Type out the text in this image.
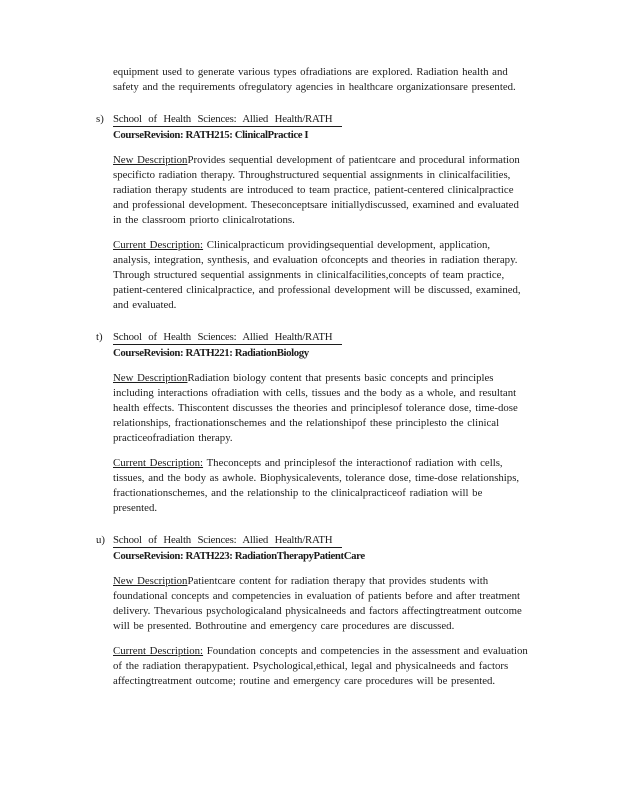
equipment used to generate various types ofradiations are explored. Radiation health and safety and the requirements ofregulatory agencies in healthcare organizationsare presented.

s) School of Health Sciences: Allied Health/RATH
CourseRevision: RATH215: ClinicalPractice I

New DescriptionProvides sequential development of patientcare and procedural information specificto radiation therapy. Throughstructured sequential assignments in clinicalfacilities, radiation therapy students are introduced to team practice, patient-centered clinicalpractice and professional development. Theseconceptsare initiallydiscussed, examined and evaluated in the classroom priorto clinicalrotations.

Current Description: Clinicalpracticum providingsequential development, application, analysis, integration, synthesis, and evaluation ofconcepts and theories in radiation therapy. Through structured sequential assignments in clinicalfacilities,concepts of team practice, patient-centered clinicalpractice, and professional development will be discussed, examined, and evaluated.

t) School of Health Sciences: Allied Health/RATH
CourseRevision: RATH221: RadiationBiology

New DescriptionRadiation biology content that presents basic concepts and principles including interactions ofradiation with cells, tissues and the body as a whole, and resultant health effects. Thiscontent discusses the theories and principlesof tolerance dose, time-dose relationships, fractionationschemes and the relationshipof these principlesto the clinical practiceofradiation therapy.

Current Description: Theconcepts and principlesof the interactionof radiation with cells, tissues, and the body as awhole. Biophysicalevents, tolerance dose, time-dose relationships, fractionationschemes, and the relationship to the clinicalpracticeof radiation will be presented.

u) School of Health Sciences: Allied Health/RATH
CourseRevision: RATH223: RadiationTherapyPatientCare

New DescriptionPatientcare content for radiation therapy that provides students with foundational concepts and competencies in evaluation of patients before and after treatment delivery. Thevarious psychologicaland physicalneeds and factors affectingtreatment outcome will be presented. Bothroutine and emergency care procedures are discussed.

Current Description: Foundation concepts and competencies in the assessment and evaluation of the radiation therapypatient. Psychological,ethical, legal and physicalneeds and factors affectingtreatment outcome; routine and emergency care procedures will be presented.
